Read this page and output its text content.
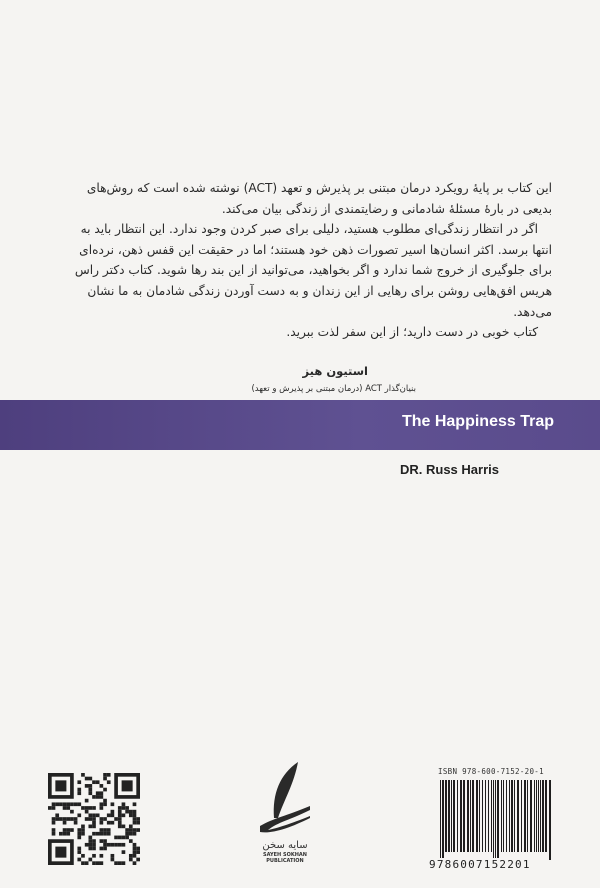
این کتاب بر پایهٔ رویکرد درمان مبتنی بر پذیرش و تعهد (ACT) نوشته شده است که روش‌های
بدیعی در بارهٔ مسئلهٔ شادمانی و رضایتمندی از زندگی بیان می‌کند.
اگر در انتظار زندگی‌ای مطلوب هستید، دلیلی برای صبر کردن وجود ندارد. این انتظار باید به
انتها برسد. اکثر انسان‌ها اسیر تصورات ذهن خود هستند؛ اما در حقیقت این قفس ذهن، نرده‌ای
برای جلوگیری از خروج شما ندارد و اگر بخواهید، می‌توانید از این بند رها شوید. کتاب دکتر راس
هریس افق‌هایی روشن برای رهایی از این زندان و به دست آوردن زندگی شادمان به ما نشان
می‌دهد.
کتاب خوبی در دست دارید؛ از این سفر لذت ببرید.
استیون هیز
بنیان‌گذار ACT (درمان مبتنی بر پذیرش و تعهد)
The Happiness Trap
DR. Russ Harris
سایه سخن
SAYEH SOKHAN
PUBLICATION
ISBN 978-600-7152-20-1
9786007152201
